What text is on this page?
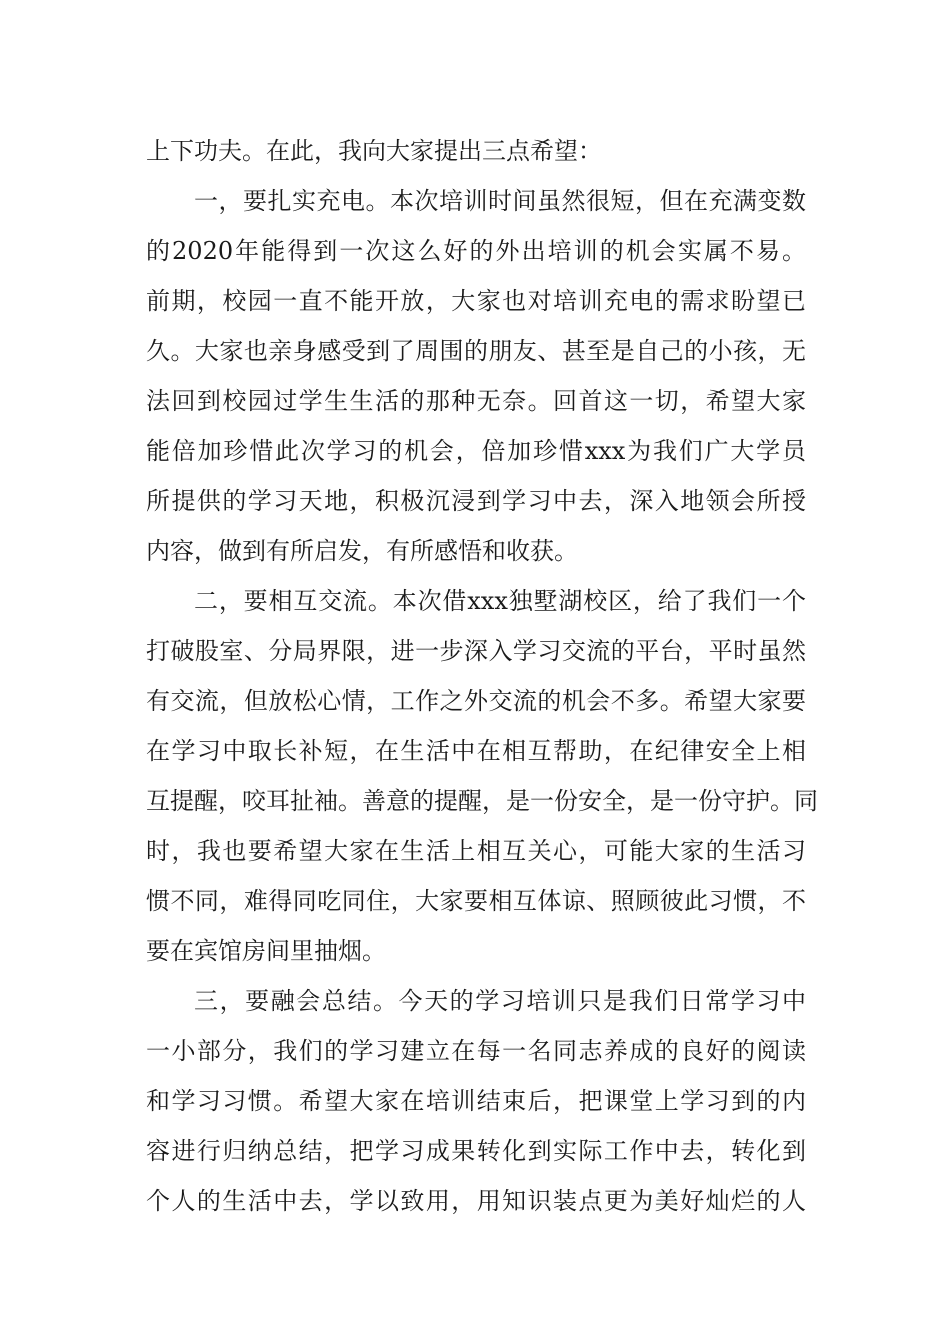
上下功夫。在此，我向大家提出三点希望：
一，要扎实充电。本次培训时间虽然很短，但在充满变数
的2020年能得到一次这么好的外出培训的机会实属不易。
前期，校园一直不能开放，大家也对培训充电的需求盼望已
久。大家也亲身感受到了周围的朋友、甚至是自己的小孩，无
法回到校园过学生生活的那种无奈。回首这一切，希望大家
能倍加珍惜此次学习的机会，倍加珍惜xxx为我们广大学员
所提供的学习天地，积极沉浸到学习中去，深入地领会所授
内容，做到有所启发，有所感悟和收获。
二，要相互交流。本次借xxx独墅湖校区，给了我们一个
打破股室、分局界限，进一步深入学习交流的平台，平时虽然
有交流，但放松心情，工作之外交流的机会不多。希望大家要
在学习中取长补短，在生活中在相互帮助，在纪律安全上相
互提醒，咬耳扯袖。善意的提醒，是一份安全，是一份守护。同
时，我也要希望大家在生活上相互关心，可能大家的生活习
惯不同，难得同吃同住，大家要相互体谅、照顾彼此习惯，不
要在宾馆房间里抽烟。
三，要融会总结。今天的学习培训只是我们日常学习中
一小部分，我们的学习建立在每一名同志养成的良好的阅读
和学习习惯。希望大家在培训结束后，把课堂上学习到的内
容进行归纳总结，把学习成果转化到实际工作中去，转化到
个人的生活中去，学以致用，用知识装点更为美好灿烂的人
